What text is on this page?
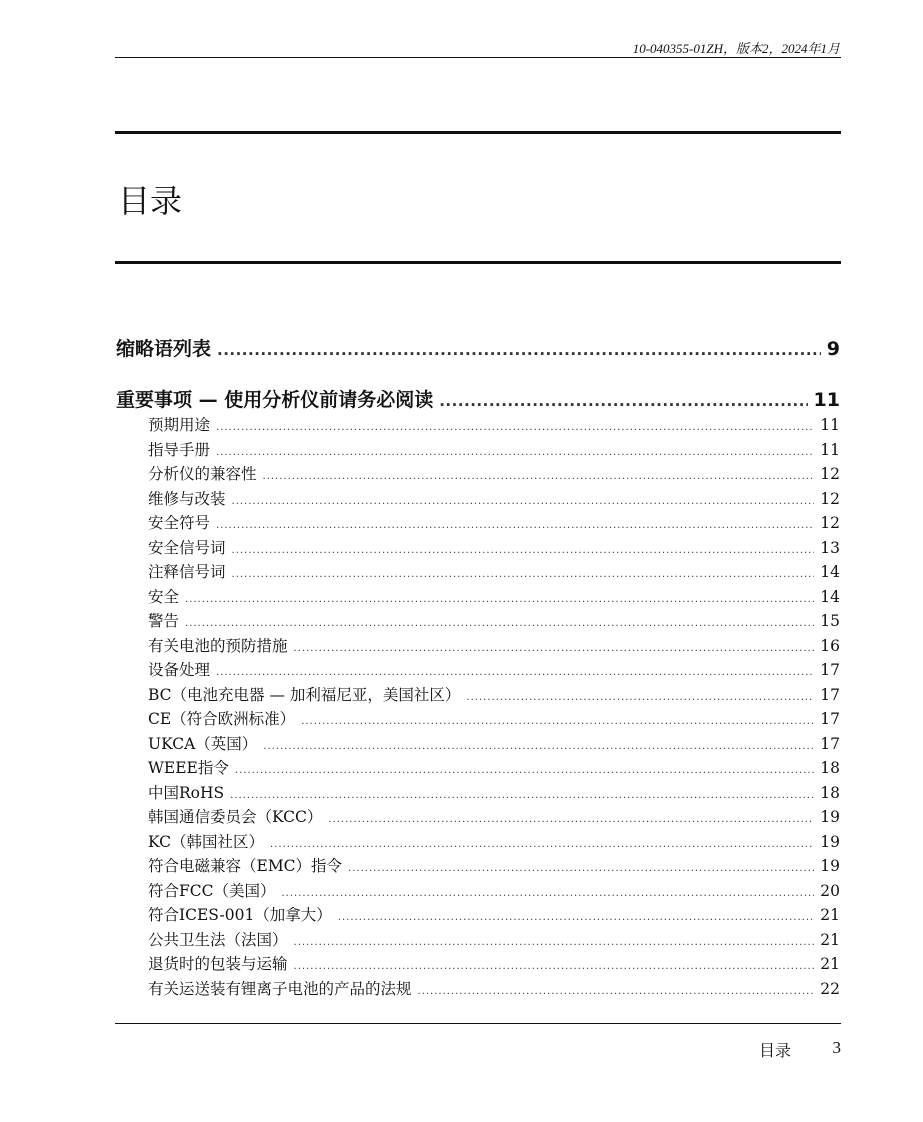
10-040355-01ZH，版本2，2024年1月
目录
缩略语列表 .....	9
重要事项 — 使用分析仪前请务必阅读 .....	11
预期用途 .....	11
指导手册 .....	11
分析仪的兼容性 .....	12
维修与改装 .....	12
安全符号 .....	12
安全信号词 .....	13
注释信号词 .....	14
安全 .....	14
警告 .....	15
有关电池的预防措施 .....	16
设备处理 .....	17
BC（电池充电器 — 加利福尼亚，美国社区） .....	17
CE（符合欧洲标准） .....	17
UKCA（英国） .....	17
WEEE指令 .....	18
中国RoHS .....	18
韩国通信委员会（KCC） .....	19
KC（韩国社区） .....	19
符合电磁兼容（EMC）指令 .....	19
符合FCC（美国） .....	20
符合ICES-001（加拿大） .....	21
公共卫生法（法国） .....	21
退货时的包装与运输 .....	21
有关运送装有锂离子电池的产品的法规 .....	22
目录 3
